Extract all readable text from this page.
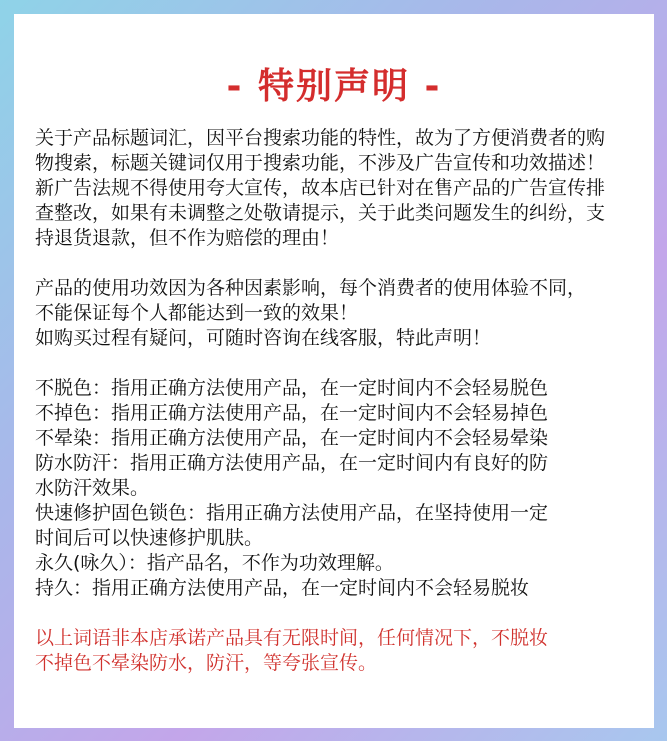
- 特别声明 -

关于产品标题词汇，因平台搜索功能的特性，故为了方便消费者的购
物搜索，标题关键词仅用于搜索功能，不涉及广告宣传和功效描述！
新广告法规不得使用夸大宣传，故本店已针对在售产品的广告宣传排
查整改，如果有未调整之处敬请提示，关于此类问题发生的纠纷，支
持退货退款，但不作为赔偿的理由！

产品的使用功效因为各种因素影响，每个消费者的使用体验不同，
不能保证每个人都能达到一致的效果！
如购买过程有疑问，可随时咨询在线客服，特此声明！

不脱色：指用正确方法使用产品，在一定时间内不会轻易脱色
不掉色：指用正确方法使用产品，在一定时间内不会轻易掉色
不晕染：指用正确方法使用产品，在一定时间内不会轻易晕染
防水防汗：指用正确方法使用产品，在一定时间内有良好的防
水防汗效果。
快速修护固色锁色：指用正确方法使用产品，在坚持使用一定
时间后可以快速修护肌肤。
永久(咏久）：指产品名，不作为功效理解。
持久：指用正确方法使用产品，在一定时间内不会轻易脱妆

以上词语非本店承诺产品具有无限时间，任何情况下，不脱妆
不掉色不晕染防水，防汗，等夸张宣传。
